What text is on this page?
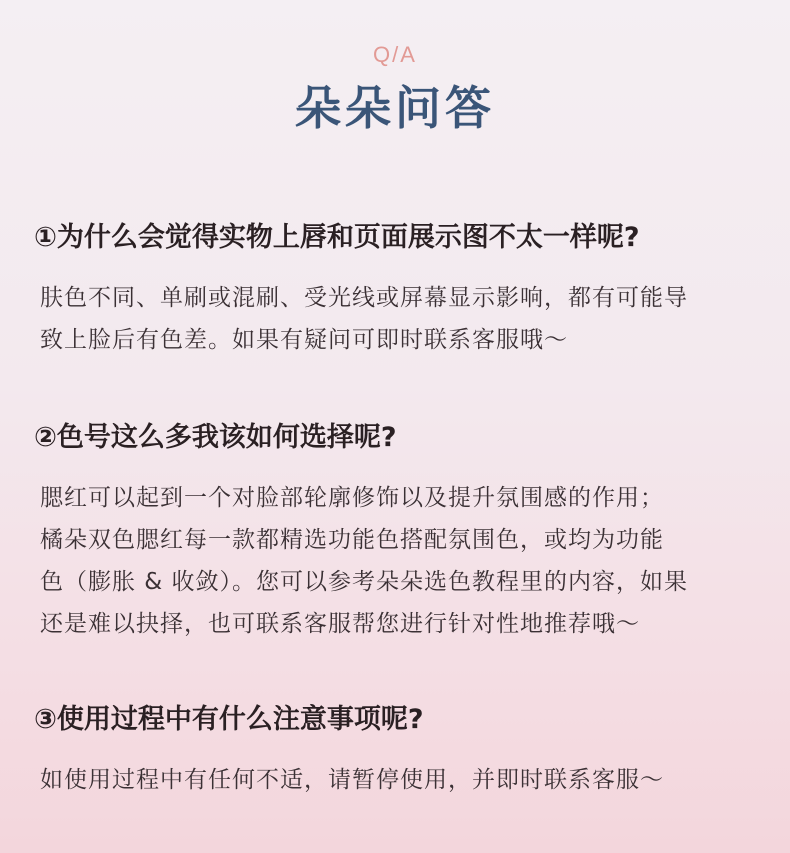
Q/A
朵朵问答
①为什么会觉得实物上唇和页面展示图不太一样呢?
肤色不同、单刷或混刷、受光线或屏幕显示影响，都有可能导
致上脸后有色差。如果有疑问可即时联系客服哦～
②色号这么多我该如何选择呢?
腮红可以起到一个对脸部轮廓修饰以及提升氛围感的作用；
橘朵双色腮红每一款都精选功能色搭配氛围色，或均为功能
色（膨胀 & 收敛）。您可以参考朵朵选色教程里的内容，如果
还是难以抉择，也可联系客服帮您进行针对性地推荐哦～
③使用过程中有什么注意事项呢?
如使用过程中有任何不适，请暂停使用，并即时联系客服～
